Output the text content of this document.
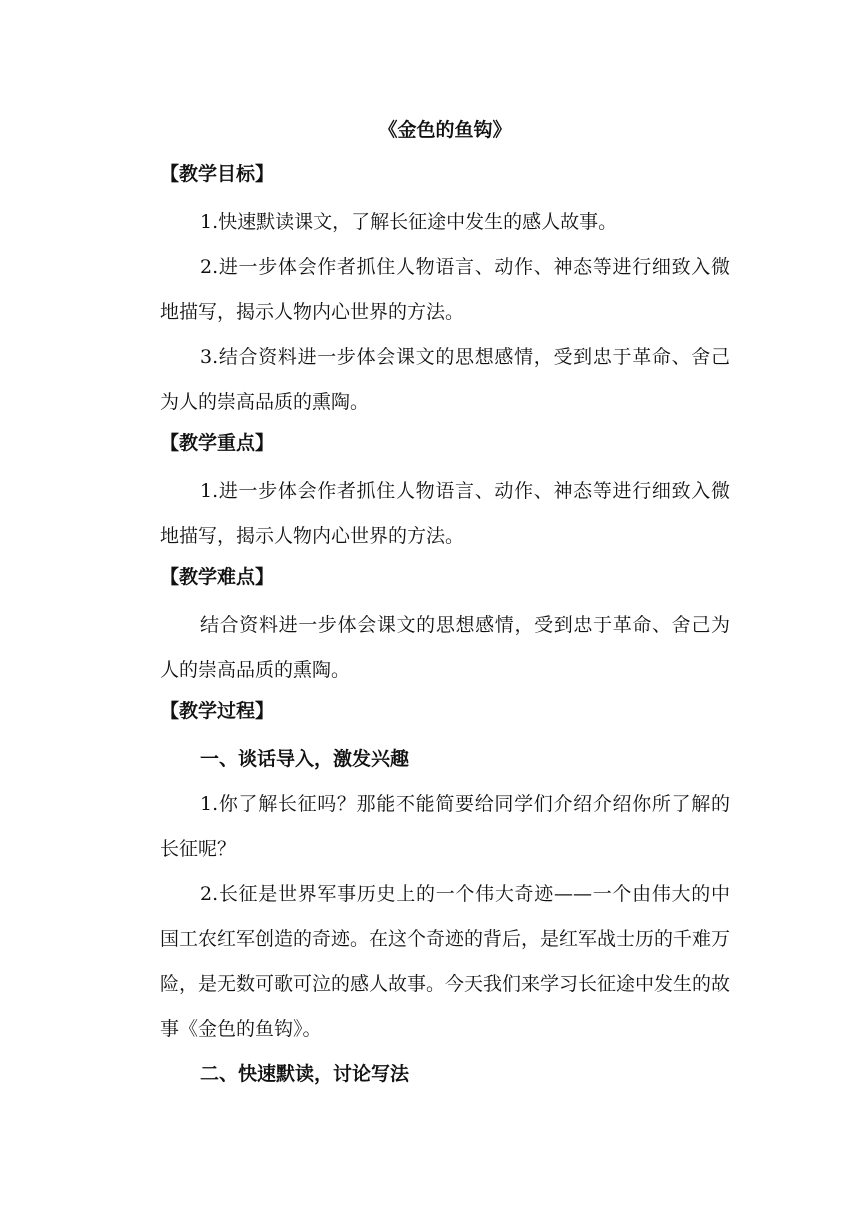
《金色的鱼钩》
【教学目标】

1.快速默读课文，了解长征途中发生的感人故事。

2.进一步体会作者抓住人物语言、动作、神态等进行细致入微地描写，揭示人物内心世界的方法。

3.结合资料进一步体会课文的思想感情，受到忠于革命、舍己为人的崇高品质的熏陶。

【教学重点】

1.进一步体会作者抓住人物语言、动作、神态等进行细致入微地描写，揭示人物内心世界的方法。

【教学难点】

结合资料进一步体会课文的思想感情，受到忠于革命、舍己为人的崇高品质的熏陶。

【教学过程】

一、谈话导入，激发兴趣

1.你了解长征吗？那能不能简要给同学们介绍介绍你所了解的长征呢？

2.长征是世界军事历史上的一个伟大奇迹——一个由伟大的中国工农红军创造的奇迹。在这个奇迹的背后，是红军战士历的千难万险，是无数可歌可泣的感人故事。今天我们来学习长征途中发生的故事《金色的鱼钩》。

二、快速默读，讨论写法
